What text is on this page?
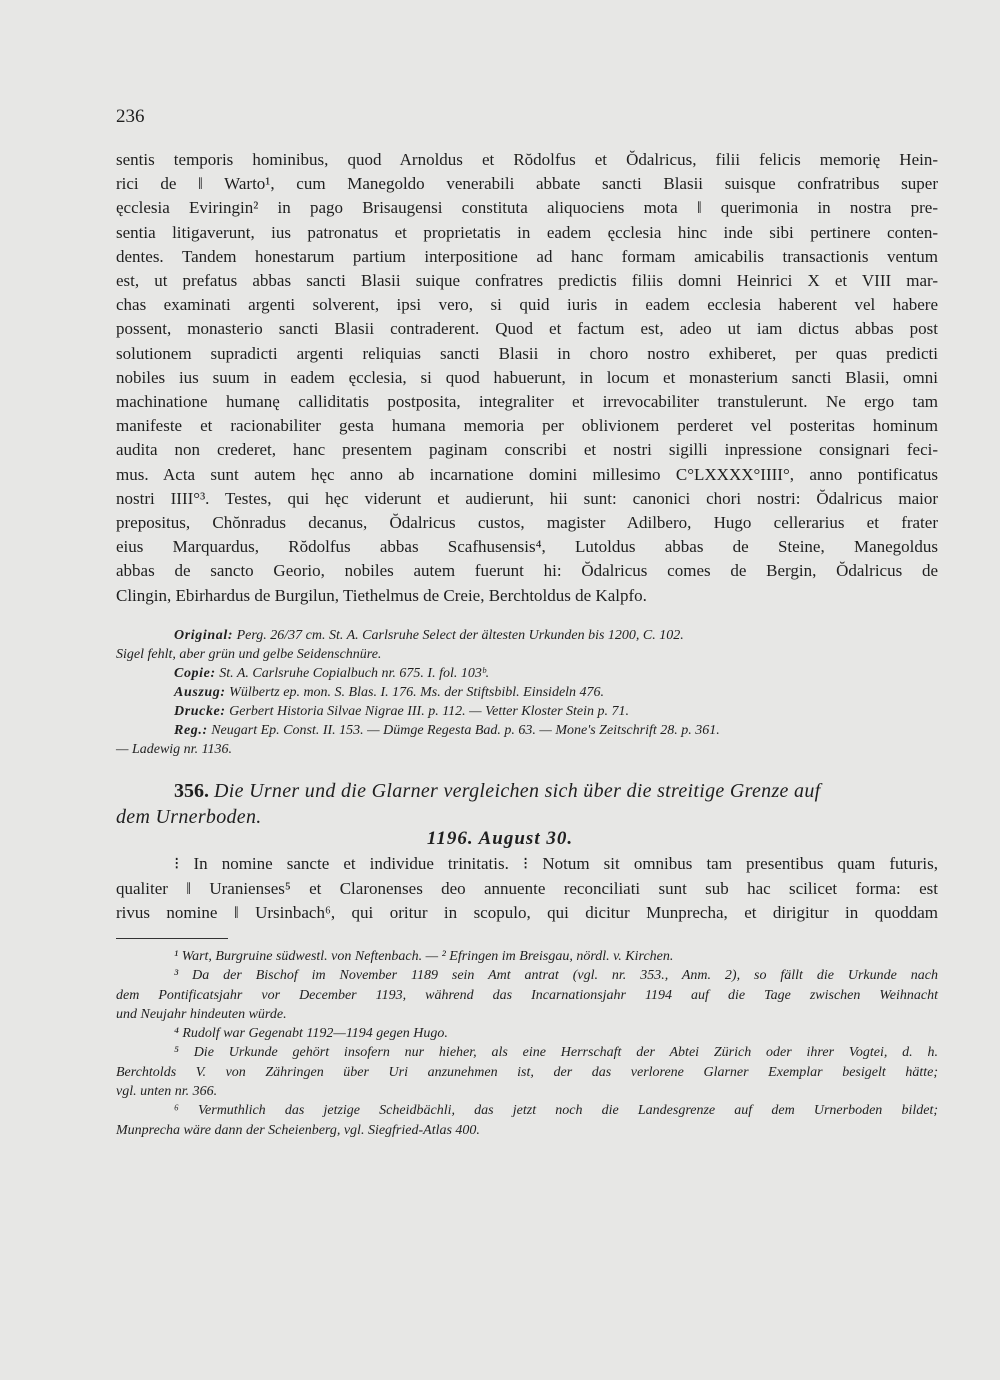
236
sentis temporis hominibus, quod Arnoldus et Rŏdolfus et Ŏdalricus, filii felicis memorię Hein-
rici de ‖ Warto¹, cum Manegoldo venerabili abbate sancti Blasii suisque confratribus super
ęcclesia Eviringin² in pago Brisaugensi constituta aliquociens mota ‖ querimonia in nostra pre-
sentia litigaverunt, ius patronatus et proprietatis in eadem ęcclesia hinc inde sibi pertinere conten-
dentes. Tandem honestarum partium interpositione ad hanc formam amicabilis transactionis ventum
est, ut prefatus abbas sancti Blasii suique confratres predictis filiis domni Heinrici X et VIII mar-
chas examinati argenti solverent, ipsi vero, si quid iuris in eadem ecclesia haberent vel habere
possent, monasterio sancti Blasii contraderent. Quod et factum est, adeo ut iam dictus abbas post
solutionem supradicti argenti reliquias sancti Blasii in choro nostro exhiberet, per quas predicti
nobiles ius suum in eadem ęcclesia, si quod habuerunt, in locum et monasterium sancti Blasii, omni
machinatione humanę calliditatis postposita, integraliter et irrevocabiliter transtulerunt. Ne ergo tam
manifeste et racionabiliter gesta humana memoria per oblivionem perderet vel posteritas hominum
audita non crederet, hanc presentem paginam conscribi et nostri sigilli inpressione consignari feci-
mus. Acta sunt autem hęc anno ab incarnatione domini millesimo C°LXXXX°IIII°, anno pontificatus
nostri IIII°³. Testes, qui hęc viderunt et audierunt, hii sunt: canonici chori nostri: Ŏdalricus maior
prepositus, Chŏnradus decanus, Ŏdalricus custos, magister Adilbero, Hugo cellerarius et frater
eius Marquardus, Rŏdolfus abbas Scafhusensis⁴, Lutoldus abbas de Steine, Manegoldus
abbas de sancto Georio, nobiles autem fuerunt hi: Ŏdalricus comes de Bergin, Ŏdalricus de
Clingin, Ebirhardus de Burgilun, Tiethelmus de Creie, Berchtoldus de Kalpfo.
Original: Perg. 26/37 cm. St. A. Carlsruhe Select der ältesten Urkunden bis 1200, C. 102.
Sigel fehlt, aber grün und gelbe Seidenschnüre.
Copie: St. A. Carlsruhe Copialbuch nr. 675. I. fol. 103ᵇ.
Auszug: Wülbertz ep. mon. S. Blas. I. 176. Ms. der Stiftsbibl. Einsideln 476.
Drucke: Gerbert Historia Silvae Nigrae III. p. 112. — Vetter Kloster Stein p. 71.
Reg.: Neugart Ep. Const. II. 153. — Dümge Regesta Bad. p. 63. — Mone's Zeitschrift 28. p. 361.
— Ladewig nr. 1136.
356. Die Urner und die Glarner vergleichen sich über die streitige Grenze auf
dem Urnerboden.
1196. August 30.
⁝ In nomine sancte et individue trinitatis. ⁝ Notum sit omnibus tam presentibus quam futuris,
qualiter ‖ Uranienses⁵ et Claronenses deo annuente reconciliati sunt sub hac scilicet forma: est
rivus nomine ‖ Ursinbach⁶, qui oritur in scopulo, qui dicitur Munprecha, et dirigitur in quoddam
¹ Wart, Burgruine südwestl. von Neftenbach. — ² Efringen im Breisgau, nördl. v. Kirchen.
³ Da der Bischof im November 1189 sein Amt antrat (vgl. nr. 353., Anm. 2), so fällt die Urkunde nach
dem Pontificatsjahr vor December 1193, während das Incarnationsjahr 1194 auf die Tage zwischen Weihnacht
und Neujahr hindeuten würde.
⁴ Rudolf war Gegenabt 1192—1194 gegen Hugo.
⁵ Die Urkunde gehört insofern nur hieher, als eine Herrschaft der Abtei Zürich oder ihrer Vogtei, d. h.
Berchtolds V. von Zähringen über Uri anzunehmen ist, der das verlorene Glarner Exemplar besigelt hätte;
vgl. unten nr. 366.
⁶ Vermuthlich das jetzige Scheidbächli, das jetzt noch die Landesgrenze auf dem Urnerboden bildet;
Munprecha wäre dann der Scheienberg, vgl. Siegfried-Atlas 400.
